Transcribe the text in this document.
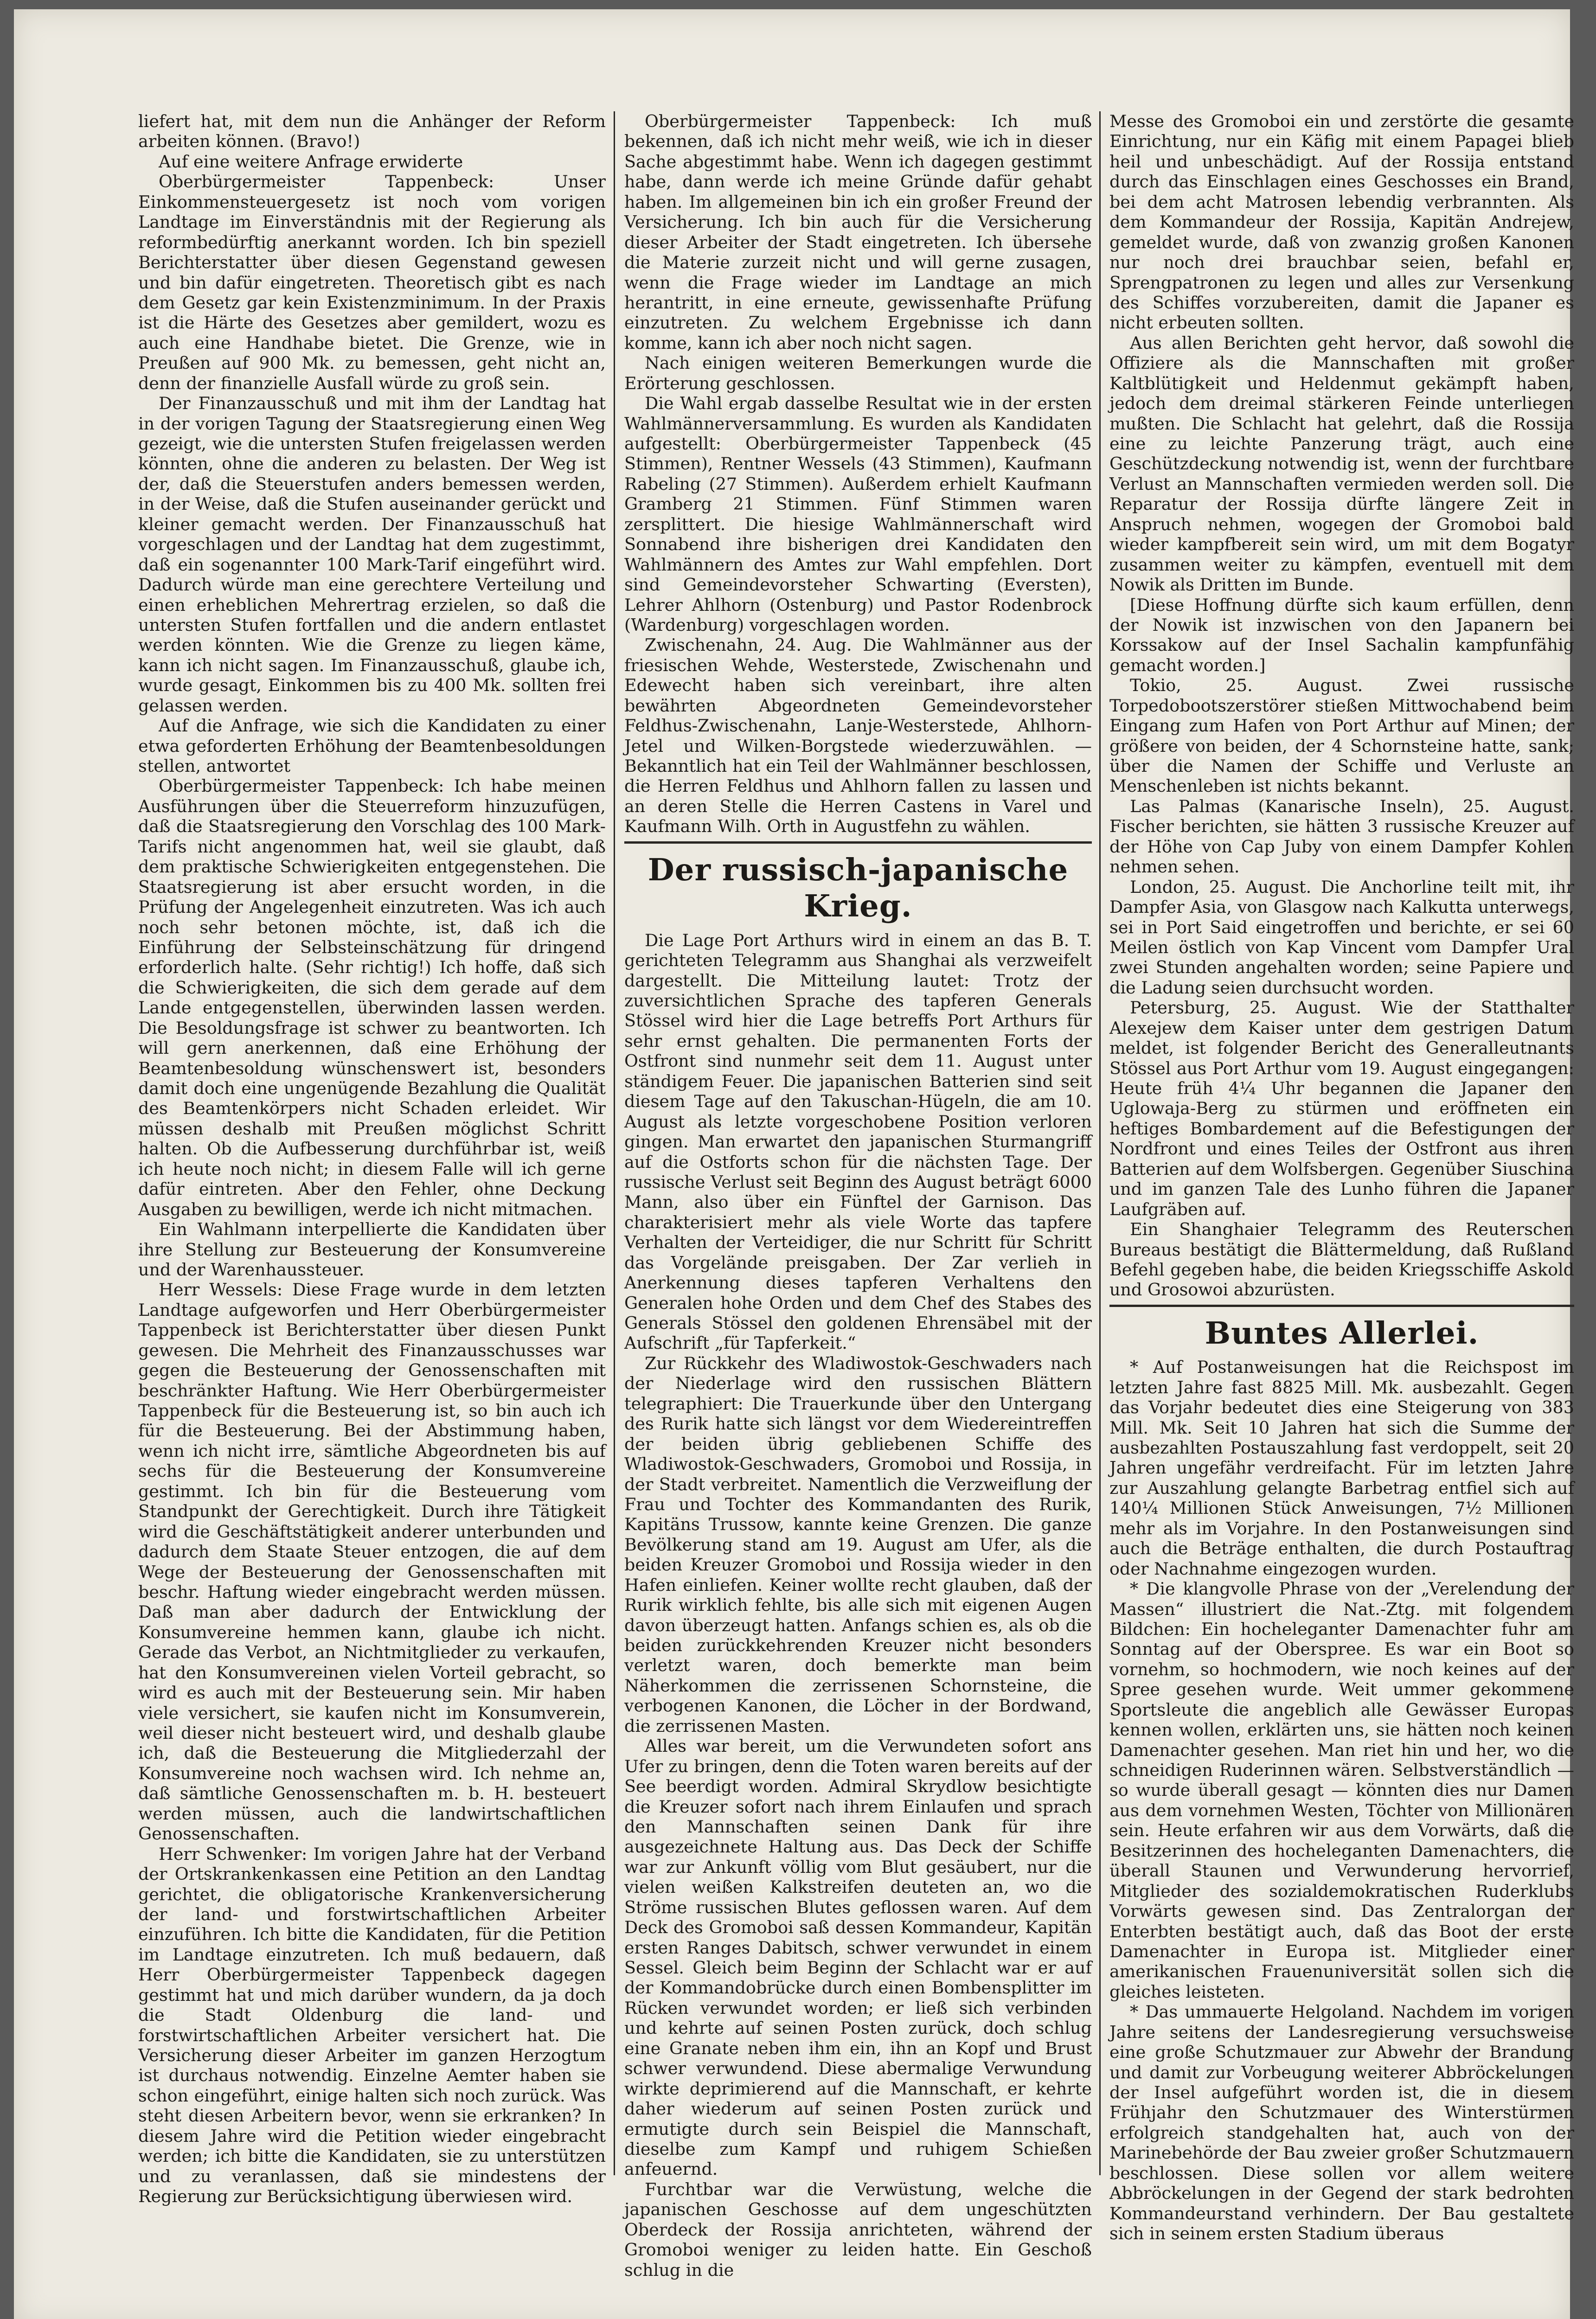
liefert hat, mit dem nun die Anhänger der Reform arbeiten können. (Bravo!)

Auf eine weitere Anfrage erwiderte

Oberbürgermeister Tappenbeck: Unser Einkommensteuergesetz ist noch vom vorigen Landtage im Einverständnis mit der Regierung als reformbedürftig anerkannt worden. Ich bin speziell Berichterstatter über diesen Gegenstand gewesen und bin dafür eingetreten. Theoretisch gibt es nach dem Gesetz gar kein Existenzminimum. In der Praxis ist die Härte des Gesetzes aber gemildert, wozu es auch eine Handhabe bietet. Die Grenze, wie in Preußen auf 900 Mk. zu bemessen, geht nicht an, denn der finanzielle Ausfall würde zu groß sein.

Der Finanzausschuß und mit ihm der Landtag hat in der vorigen Tagung der Staatsregierung einen Weg gezeigt, wie die untersten Stufen freigelassen werden könnten, ohne die anderen zu belasten. Der Weg ist der, daß die Steuerstufen anders bemessen werden, in der Weise, daß die Stufen auseinander gerückt und kleiner gemacht werden. Der Finanzausschuß hat vorgeschlagen und der Landtag hat dem zugestimmt, daß ein sogenannter 100 Mark-Tarif eingeführt wird. Dadurch würde man eine gerechtere Verteilung und einen erheblichen Mehrertrag erzielen, so daß die untersten Stufen fortfallen und die andern entlastet werden könnten. Wie die Grenze zu liegen käme, kann ich nicht sagen. Im Finanzausschuß, glaube ich, wurde gesagt, Einkommen bis zu 400 Mk. sollten frei gelassen werden.

Auf die Anfrage, wie sich die Kandidaten zu einer etwa geforderten Erhöhung der Beamtenbesoldungen stellen, antwortet

Oberbürgermeister Tappenbeck: Ich habe meinen Ausführungen über die Steuerreform hinzuzufügen, daß die Staatsregierung den Vorschlag des 100 Mark-Tarifs nicht angenommen hat, weil sie glaubt, daß dem praktische Schwierigkeiten entgegenstehen. Die Staatsregierung ist aber ersucht worden, in die Prüfung der Angelegenheit einzutreten. Was ich auch noch sehr betonen möchte, ist, daß ich die Einführung der Selbsteinschätzung für dringend erforderlich halte. (Sehr richtig!) Ich hoffe, daß sich die Schwierigkeiten, die sich dem gerade auf dem Lande entgegenstellen, überwinden lassen werden. Die Besoldungsfrage ist schwer zu beantworten. Ich will gern anerkennen, daß eine Erhöhung der Beamtenbesoldung wünschenswert ist, besonders damit doch eine ungenügende Bezahlung die Qualität des Beamtenkörpers nicht Schaden erleidet. Wir müssen deshalb mit Preußen möglichst Schritt halten. Ob die Aufbesserung durchführbar ist, weiß ich heute noch nicht; in diesem Falle will ich gerne dafür eintreten. Aber den Fehler, ohne Deckung Ausgaben zu bewilligen, werde ich nicht mitmachen.

Ein Wahlmann interpellierte die Kandidaten über ihre Stellung zur Besteuerung der Konsumvereine und der Warenhaussteuer.

Herr Wessels: Diese Frage wurde in dem letzten Landtage aufgeworfen und Herr Oberbürgermeister Tappenbeck ist Berichterstatter über diesen Punkt gewesen. Die Mehrheit des Finanzausschusses war gegen die Besteuerung der Genossenschaften mit beschränkter Haftung. Wie Herr Oberbürgermeister Tappenbeck für die Besteuerung ist, so bin auch ich für die Besteuerung. Bei der Abstimmung haben, wenn ich nicht irre, sämtliche Abgeordneten bis auf sechs für die Besteuerung der Konsumvereine gestimmt. Ich bin für die Besteuerung vom Standpunkt der Gerechtigkeit. Durch ihre Tätigkeit wird die Geschäftstätigkeit anderer unterbunden und dadurch dem Staate Steuer entzogen, die auf dem Wege der Besteuerung der Genossenschaften mit beschr. Haftung wieder eingebracht werden müssen. Daß man aber dadurch der Entwicklung der Konsumvereine hemmen kann, glaube ich nicht. Gerade das Verbot, an Nichtmitglieder zu verkaufen, hat den Konsumvereinen vielen Vorteil gebracht, so wird es auch mit der Besteuerung sein. Mir haben viele versichert, sie kaufen nicht im Konsumverein, weil dieser nicht besteuert wird, und deshalb glaube ich, daß die Besteuerung die Mitgliederzahl der Konsumvereine noch wachsen wird. Ich nehme an, daß sämtliche Genossenschaften m. b. H. besteuert werden müssen, auch die landwirtschaftlichen Genossenschaften.

Herr Schwenker: Im vorigen Jahre hat der Verband der Ortskrankenkassen eine Petition an den Landtag gerichtet, die obligatorische Krankenversicherung der land- und forstwirtschaftlichen Arbeiter einzuführen. Ich bitte die Kandidaten, für die Petition im Landtage einzutreten. Ich muß bedauern, daß Herr Oberbürgermeister Tappenbeck dagegen gestimmt hat und mich darüber wundern, da ja doch die Stadt Oldenburg die land- und forstwirtschaftlichen Arbeiter versichert hat. Die Versicherung dieser Arbeiter im ganzen Herzogtum ist durchaus notwendig. Einzelne Aemter haben sie schon eingeführt, einige halten sich noch zurück. Was steht diesen Arbeitern bevor, wenn sie erkranken? In diesem Jahre wird die Petition wieder eingebracht werden; ich bitte die Kandidaten, sie zu unterstützen und zu veranlassen, daß sie mindestens der Regierung zur Berücksichtigung überwiesen wird.

Oberbürgermeister Tappenbeck: Ich muß bekennen, daß ich nicht mehr weiß, wie ich in dieser Sache abgestimmt habe. Wenn ich dagegen gestimmt habe, dann werde ich meine Gründe dafür gehabt haben. Im allgemeinen bin ich ein großer Freund der Versicherung. Ich bin auch für die Versicherung dieser Arbeiter der Stadt eingetreten. Ich übersehe die Materie zurzeit nicht und will gerne zusagen, wenn die Frage wieder im Landtage an mich herantritt, in eine erneute, gewissenhafte Prüfung einzutreten. Zu welchem Ergebnisse ich dann komme, kann ich aber noch nicht sagen.

Nach einigen weiteren Bemerkungen wurde die Erörterung geschlossen.

Die Wahl ergab dasselbe Resultat wie in der ersten Wahlmännerversammlung. Es wurden als Kandidaten aufgestellt: Oberbürgermeister Tappenbeck (45 Stimmen), Rentner Wessels (43 Stimmen), Kaufmann Rabeling (27 Stimmen). Außerdem erhielt Kaufmann Gramberg 21 Stimmen. Fünf Stimmen waren zersplittert. Die hiesige Wahlmännerschaft wird Sonnabend ihre bisherigen drei Kandidaten den Wahlmännern des Amtes zur Wahl empfehlen. Dort sind Gemeindevorsteher Schwarting (Eversten), Lehrer Ahlhorn (Ostenburg) und Pastor Rodenbrock (Wardenburg) vorgeschlagen worden.

Zwischenahn, 24. Aug. Die Wahlmänner aus der friesischen Wehde, Westerstede, Zwischenahn und Edewecht haben sich vereinbart, ihre alten bewährten Abgeordneten Gemeindevorsteher Feldhus-Zwischenahn, Lanje-Westerstede, Ahlhorn-Jetel und Wilken-Borgstede wiederzuwählen. — Bekanntlich hat ein Teil der Wahlmänner beschlossen, die Herren Feldhus und Ahlhorn fallen zu lassen und an deren Stelle die Herren Castens in Varel und Kaufmann Wilh. Orth in Augustfehn zu wählen.

Der russisch-japanische Krieg.

Die Lage Port Arthurs wird in einem an das B. T. gerichteten Telegramm aus Shanghai als verzweifelt dargestellt. Die Mitteilung lautet: Trotz der zuversichtlichen Sprache des tapferen Generals Stössel wird hier die Lage betreffs Port Arthurs für sehr ernst gehalten. Die permanenten Forts der Ostfront sind nunmehr seit dem 11. August unter ständigem Feuer. Die japanischen Batterien sind seit diesem Tage auf den Takuschan-Hügeln, die am 10. August als letzte vorgeschobene Position verloren gingen. Man erwartet den japanischen Sturmangriff auf die Ostforts schon für die nächsten Tage. Der russische Verlust seit Beginn des August beträgt 6000 Mann, also über ein Fünftel der Garnison. Das charakterisiert mehr als viele Worte das tapfere Verhalten der Verteidiger, die nur Schritt für Schritt das Vorgelände preisgaben. Der Zar verlieh in Anerkennung dieses tapferen Verhaltens den Generalen hohe Orden und dem Chef des Stabes des Generals Stössel den goldenen Ehrensäbel mit der Aufschrift „für Tapferkeit.“

Zur Rückkehr des Wladiwostok-Geschwaders nach der Niederlage wird den russischen Blättern telegraphiert: Die Trauerkunde über den Untergang des Rurik hatte sich längst vor dem Wiedereintreffen der beiden übrig gebliebenen Schiffe des Wladiwostok-Geschwaders, Gromoboi und Rossija, in der Stadt verbreitet. Namentlich die Verzweiflung der Frau und Tochter des Kommandanten des Rurik, Kapitäns Trussow, kannte keine Grenzen. Die ganze Bevölkerung stand am 19. August am Ufer, als die beiden Kreuzer Gromoboi und Rossija wieder in den Hafen einliefen. Keiner wollte recht glauben, daß der Rurik wirklich fehlte, bis alle sich mit eigenen Augen davon überzeugt hatten. Anfangs schien es, als ob die beiden zurückkehrenden Kreuzer nicht besonders verletzt waren, doch bemerkte man beim Näherkommen die zerrissenen Schornsteine, die verbogenen Kanonen, die Löcher in der Bordwand, die zerrissenen Masten.

Alles war bereit, um die Verwundeten sofort ans Ufer zu bringen, denn die Toten waren bereits auf der See beerdigt worden. Admiral Skrydlow besichtigte die Kreuzer sofort nach ihrem Einlaufen und sprach den Mannschaften seinen Dank für ihre ausgezeichnete Haltung aus. Das Deck der Schiffe war zur Ankunft völlig vom Blut gesäubert, nur die vielen weißen Kalkstreifen deuteten an, wo die Ströme russischen Blutes geflossen waren. Auf dem Deck des Gromoboi saß dessen Kommandeur, Kapitän ersten Ranges Dabitsch, schwer verwundet in einem Sessel. Gleich beim Beginn der Schlacht war er auf der Kommandobrücke durch einen Bombensplitter im Rücken verwundet worden; er ließ sich verbinden und kehrte auf seinen Posten zurück, doch schlug eine Granate neben ihm ein, ihn an Kopf und Brust schwer verwundend. Diese abermalige Verwundung wirkte deprimierend auf die Mannschaft, er kehrte daher wiederum auf seinen Posten zurück und ermutigte durch sein Beispiel die Mannschaft, dieselbe zum Kampf und ruhigem Schießen anfeuernd.

Furchtbar war die Verwüstung, welche die japanischen Geschosse auf dem ungeschützten Oberdeck der Rossija anrichteten, während der Gromoboi weniger zu leiden hatte. Ein Geschoß schlug in die

Messe des Gromoboi ein und zerstörte die gesamte Einrichtung, nur ein Käfig mit einem Papagei blieb heil und unbeschädigt. Auf der Rossija entstand durch das Einschlagen eines Geschosses ein Brand, bei dem acht Matrosen lebendig verbrannten. Als dem Kommandeur der Rossija, Kapitän Andrejew, gemeldet wurde, daß von zwanzig großen Kanonen nur noch drei brauchbar seien, befahl er, Sprengpatronen zu legen und alles zur Versenkung des Schiffes vorzubereiten, damit die Japaner es nicht erbeuten sollten.

Aus allen Berichten geht hervor, daß sowohl die Offiziere als die Mannschaften mit großer Kaltblütigkeit und Heldenmut gekämpft haben, jedoch dem dreimal stärkeren Feinde unterliegen mußten. Die Schlacht hat gelehrt, daß die Rossija eine zu leichte Panzerung trägt, auch eine Geschützdeckung notwendig ist, wenn der furchtbare Verlust an Mannschaften vermieden werden soll. Die Reparatur der Rossija dürfte längere Zeit in Anspruch nehmen, wogegen der Gromoboi bald wieder kampfbereit sein wird, um mit dem Bogatyr zusammen weiter zu kämpfen, eventuell mit dem Nowik als Dritten im Bunde.

[Diese Hoffnung dürfte sich kaum erfüllen, denn der Nowik ist inzwischen von den Japanern bei Korssakow auf der Insel Sachalin kampfunfähig gemacht worden.]

Tokio, 25. August. Zwei russische Torpedobootszerstörer stießen Mittwochabend beim Eingang zum Hafen von Port Arthur auf Minen; der größere von beiden, der 4 Schornsteine hatte, sank; über die Namen der Schiffe und Verluste an Menschenleben ist nichts bekannt.

Las Palmas (Kanarische Inseln), 25. August. Fischer berichten, sie hätten 3 russische Kreuzer auf der Höhe von Cap Juby von einem Dampfer Kohlen nehmen sehen.

London, 25. August. Die Anchorline teilt mit, ihr Dampfer Asia, von Glasgow nach Kalkutta unterwegs, sei in Port Said eingetroffen und berichte, er sei 60 Meilen östlich von Kap Vincent vom Dampfer Ural zwei Stunden angehalten worden; seine Papiere und die Ladung seien durchsucht worden.

Petersburg, 25. August. Wie der Statthalter Alexejew dem Kaiser unter dem gestrigen Datum meldet, ist folgender Bericht des Generalleutnants Stössel aus Port Arthur vom 19. August eingegangen: Heute früh 4¼ Uhr begannen die Japaner den Uglowaja-Berg zu stürmen und eröffneten ein heftiges Bombardement auf die Befestigungen der Nordfront und eines Teiles der Ostfront aus ihren Batterien auf dem Wolfsbergen. Gegenüber Siuschina und im ganzen Tale des Lunho führen die Japaner Laufgräben auf.

Ein Shanghaier Telegramm des Reuterschen Bureaus bestätigt die Blättermeldung, daß Rußland Befehl gegeben habe, die beiden Kriegsschiffe Askold und Grosowoi abzurüsten.

Buntes Allerlei.

* Auf Postanweisungen hat die Reichspost im letzten Jahre fast 8825 Mill. Mk. ausbezahlt. Gegen das Vorjahr bedeutet dies eine Steigerung von 383 Mill. Mk. Seit 10 Jahren hat sich die Summe der ausbezahlten Postauszahlung fast verdoppelt, seit 20 Jahren ungefähr verdreifacht. Für im letzten Jahre zur Auszahlung gelangte Barbetrag entfiel sich auf 140¼ Millionen Stück Anweisungen, 7½ Millionen mehr als im Vorjahre. In den Postanweisungen sind auch die Beträge enthalten, die durch Postauftrag oder Nachnahme eingezogen wurden.

* Die klangvolle Phrase von der „Verelendung der Massen“ illustriert die Nat.-Ztg. mit folgendem Bildchen: Ein hocheleganter Damenachter fuhr am Sonntag auf der Oberspree. Es war ein Boot so vornehm, so hochmodern, wie noch keines auf der Spree gesehen wurde. Weit ummer gekommene Sportsleute die angeblich alle Gewässer Europas kennen wollen, erklärten uns, sie hätten noch keinen Damenachter gesehen. Man riet hin und her, wo die schneidigen Ruderinnen wären. Selbstverständlich — so wurde überall gesagt — könnten dies nur Damen aus dem vornehmen Westen, Töchter von Millionären sein. Heute erfahren wir aus dem Vorwärts, daß die Besitzerinnen des hocheleganten Damenachters, die überall Staunen und Verwunderung hervorrief, Mitglieder des sozialdemokratischen Ruderklubs Vorwärts gewesen sind. Das Zentralorgan der Enterbten bestätigt auch, daß das Boot der erste Damenachter in Europa ist. Mitglieder einer amerikanischen Frauenuniversität sollen sich die gleiches leisteten.

* Das ummauerte Helgoland. Nachdem im vorigen Jahre seitens der Landesregierung versuchsweise eine große Schutzmauer zur Abwehr der Brandung und damit zur Vorbeugung weiterer Abbröckelungen der Insel aufgeführt worden ist, die in diesem Frühjahr den Schutzmauer des Winterstürmen erfolgreich standgehalten hat, auch von der Marinebehörde der Bau zweier großer Schutzmauern beschlossen. Diese sollen vor allem weitere Abbröckelungen in der Gegend der stark bedrohten Kommandeurstand verhindern. Der Bau gestaltete sich in seinem ersten Stadium überaus
